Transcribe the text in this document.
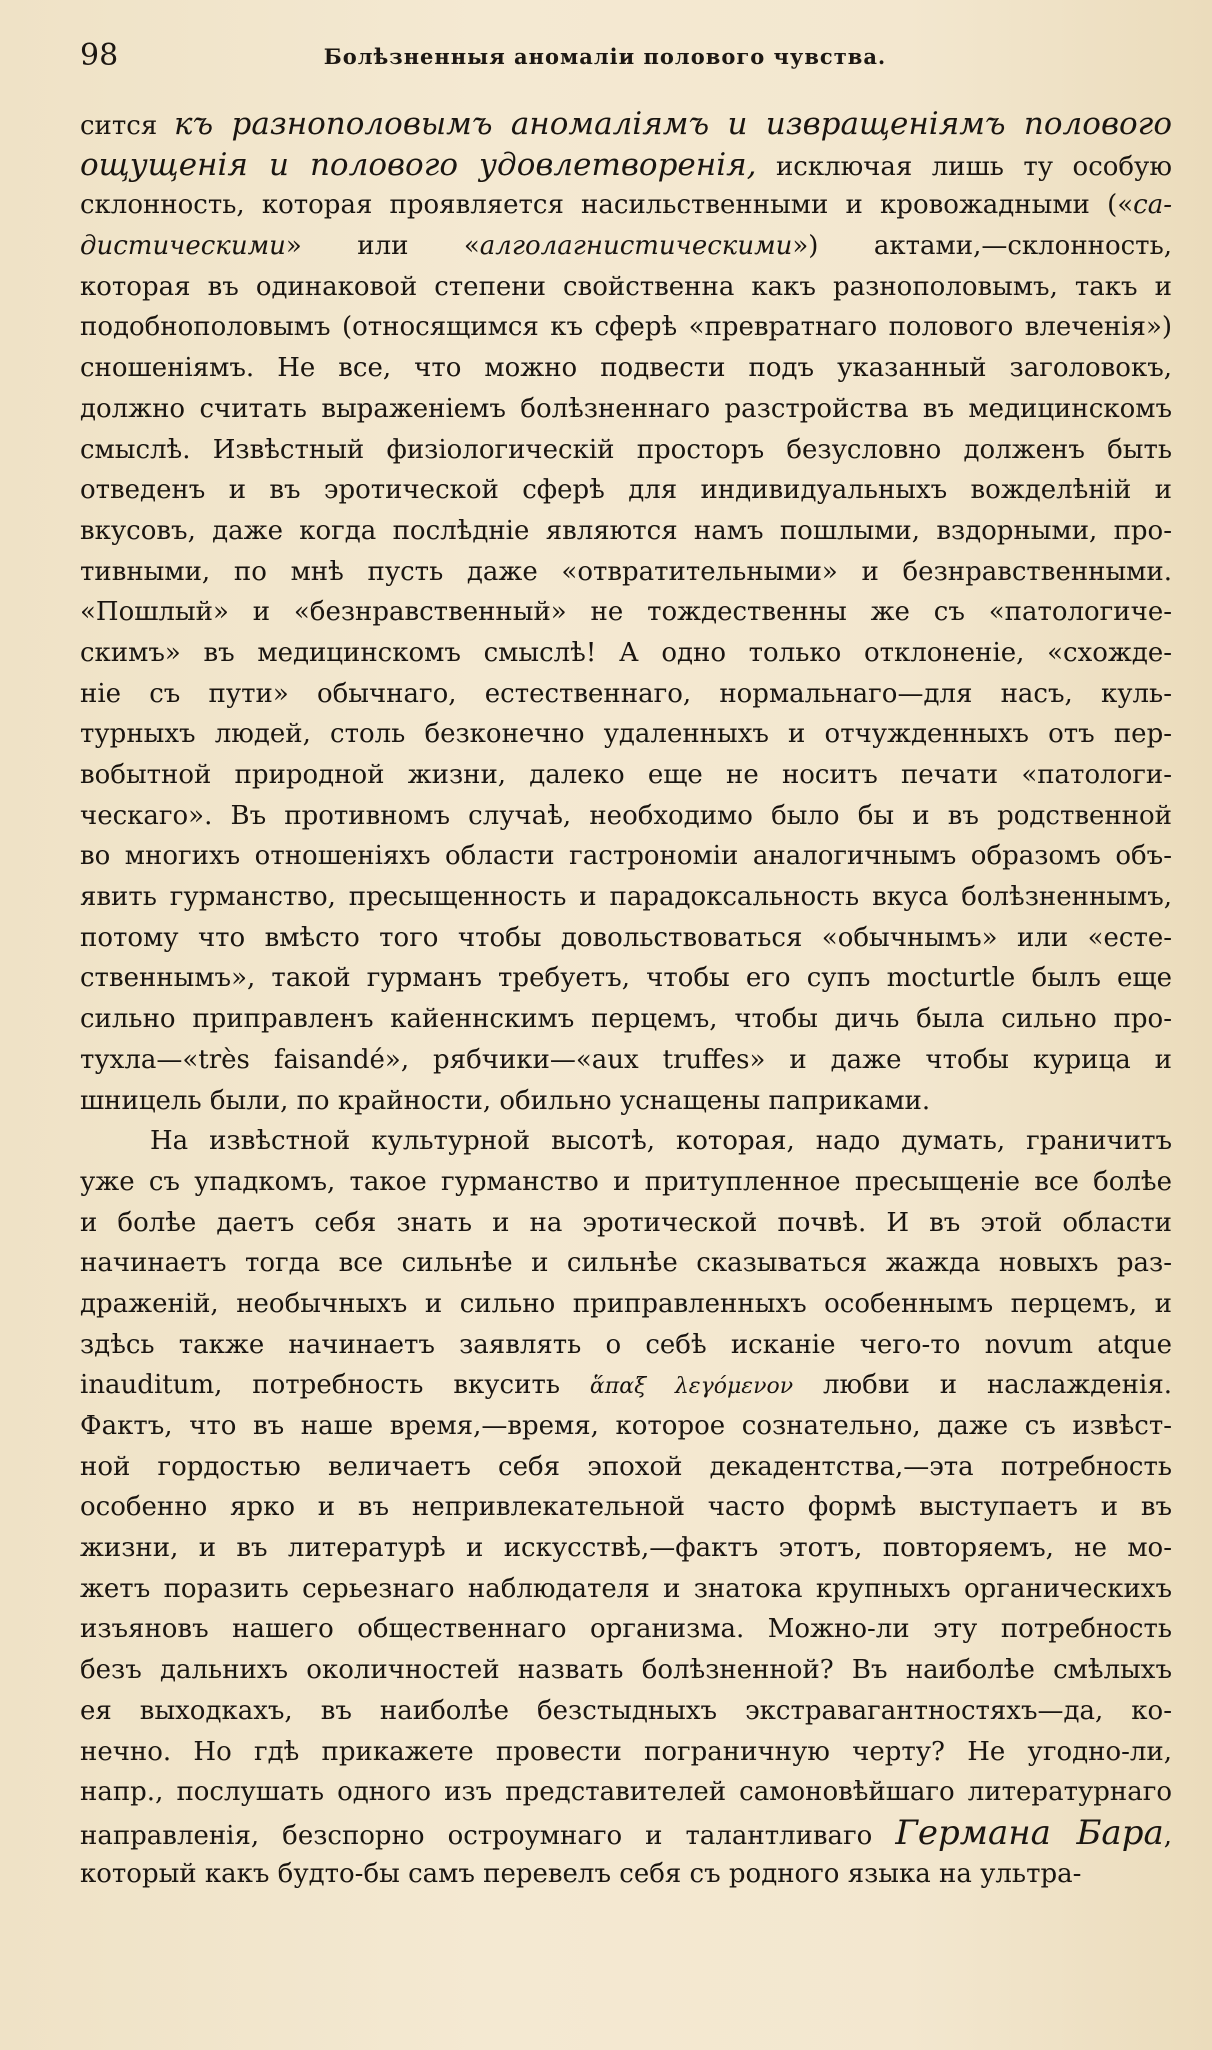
98	Болѣзненныя аномаліи полового чувства.
сится къ разнополовымъ аномаліямъ и извращеніямъ полового
ощущенія и полового удовлетворенія, исключая лишь ту особую
склонность, которая проявляется насильственными и кровожадными («са-
дистическими» или «алголагнистическими») актами,—склонность,
которая въ одинаковой степени свойственна какъ разнополовымъ, такъ и
подобнополовымъ (относящимся къ сферѣ «превратнаго полового влеченія»)
сношеніямъ. Не все, что можно подвести подъ указанный заголовокъ,
должно считать выраженіемъ болѣзненнаго разстройства въ медицинскомъ
смыслѣ. Извѣстный физіологическій просторъ безусловно долженъ быть
отведенъ и въ эротической сферѣ для индивидуальныхъ вожделѣній и
вкусовъ, даже когда послѣдніе являются намъ пошлыми, вздорными, про-
тивными, по мнѣ пусть даже «отвратительными» и безнравственными.
«Пошлый» и «безнравственный» не тождественны же съ «патологиче-
скимъ» въ медицинскомъ смыслѣ! А одно только отклоненіе, «схожде-
ніе съ пути» обычнаго, естественнаго, нормальнаго—для насъ, куль-
турныхъ людей, столь безконечно удаленныхъ и отчужденныхъ отъ пер-
вобытной природной жизни, далеко еще не носитъ печати «патологи-
ческаго». Въ противномъ случаѣ, необходимо было бы и въ родственной
во многихъ отношеніяхъ области гастрономіи аналогичнымъ образомъ объ-
явить гурманство, пресыщенность и парадоксальность вкуса болѣзненнымъ,
потому что вмѣсто того чтобы довольствоваться «обычнымъ» или «есте-
ственнымъ», такой гурманъ требуетъ, чтобы его супъ mocturtle былъ еще
сильно приправленъ кайеннскимъ перцемъ, чтобы дичь была сильно про-
тухла—«très faisandé», рябчики—«aux truffes» и даже чтобы курица и
шницель были, по крайности, обильно уснащены паприками.
На извѣстной культурной высотѣ, которая, надо думать, граничитъ
уже съ упадкомъ, такое гурманство и притупленное пресыщеніе все болѣе
и болѣе даетъ себя знать и на эротической почвѣ. И въ этой области
начинаетъ тогда все сильнѣе и сильнѣе сказываться жажда новыхъ раз-
драженій, необычныхъ и сильно приправленныхъ особеннымъ перцемъ, и
здѣсь также начинаетъ заявлять о себѣ исканіе чего-то novum atque
inauditum, потребность вкусить ἅπαξ λεγόμενον любви и наслажденія.
Фактъ, что въ наше время,—время, которое сознательно, даже съ извѣст-
ной гордостью величаетъ себя эпохой декадентства,—эта потребность
особенно ярко и въ непривлекательной часто формѣ выступаетъ и въ
жизни, и въ литературѣ и искусствѣ,—фактъ этотъ, повторяемъ, не мо-
жетъ поразить серьезнаго наблюдателя и знатока крупныхъ органическихъ
изъяновъ нашего общественнаго организма. Можно-ли эту потребность
безъ дальнихъ околичностей назвать болѣзненной? Въ наиболѣе смѣлыхъ
ея выходкахъ, въ наиболѣе безстыдныхъ экстравагантностяхъ—да, ко-
нечно. Но гдѣ прикажете провести пограничную черту? Не угодно-ли,
напр., послушать одного изъ представителей самоновѣйшаго литературнаго
направленія, безспорно остроумнаго и талантливаго Германа Бара,
который какъ будто-бы самъ перевелъ себя съ родного языка на ультра-
